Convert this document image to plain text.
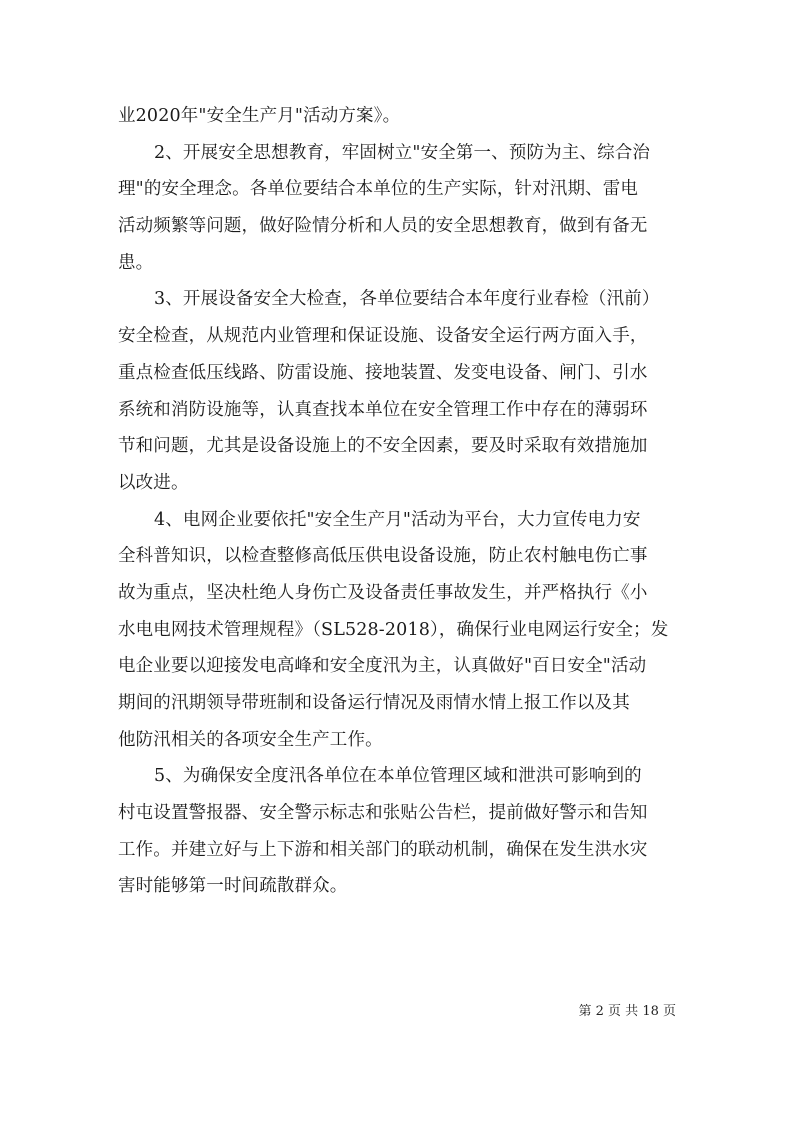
业2020年"安全生产月"活动方案》。
2、开展安全思想教育，牢固树立"安全第一、预防为主、综合治
理"的安全理念。各单位要结合本单位的生产实际，针对汛期、雷电
活动频繁等问题，做好险情分析和人员的安全思想教育，做到有备无
患。
3、开展设备安全大检查，各单位要结合本年度行业春检（汛前）
安全检查，从规范内业管理和保证设施、设备安全运行两方面入手，
重点检查低压线路、防雷设施、接地装置、发变电设备、闸门、引水
系统和消防设施等，认真查找本单位在安全管理工作中存在的薄弱环
节和问题，尤其是设备设施上的不安全因素，要及时采取有效措施加
以改进。
4、电网企业要依托"安全生产月"活动为平台，大力宣传电力安
全科普知识，以检查整修高低压供电设备设施，防止农村触电伤亡事
故为重点，坚决杜绝人身伤亡及设备责任事故发生，并严格执行《小
水电电网技术管理规程》（SL528-2018），确保行业电网运行安全；发
电企业要以迎接发电高峰和安全度汛为主，认真做好"百日安全"活动
期间的汛期领导带班制和设备运行情况及雨情水情上报工作以及其
他防汛相关的各项安全生产工作。
5、为确保安全度汛各单位在本单位管理区域和泄洪可影响到的
村屯设置警报器、安全警示标志和张贴公告栏，提前做好警示和告知
工作。并建立好与上下游和相关部门的联动机制，确保在发生洪水灾
害时能够第一时间疏散群众。
第 2 页 共 18 页
